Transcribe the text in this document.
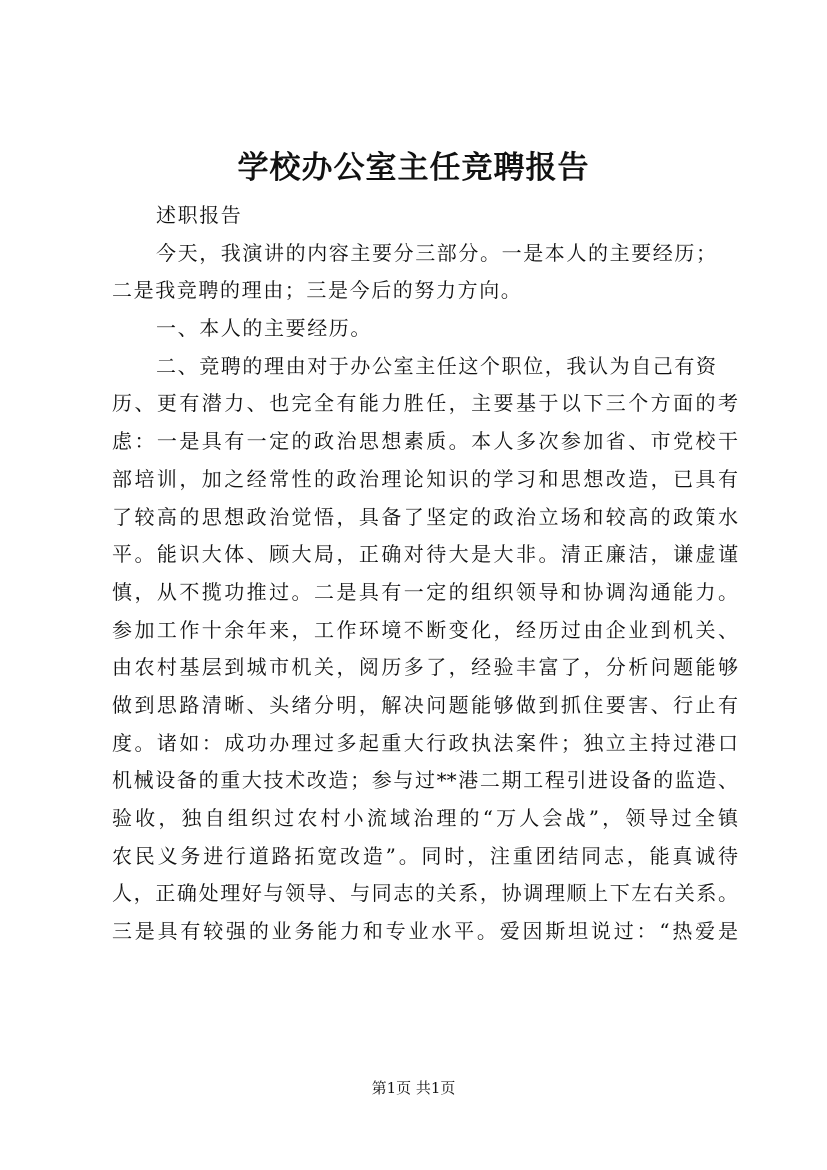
学校办公室主任竞聘报告
述职报告
今天，我演讲的内容主要分三部分。一是本人的主要经历；
二是我竞聘的理由；三是今后的努力方向。
一、本人的主要经历。
二、竞聘的理由对于办公室主任这个职位，我认为自己有资
历、更有潜力、也完全有能力胜任，主要基于以下三个方面的考
虑：一是具有一定的政治思想素质。本人多次参加省、市党校干
部培训，加之经常性的政治理论知识的学习和思想改造，已具有
了较高的思想政治觉悟，具备了坚定的政治立场和较高的政策水
平。能识大体、顾大局，正确对待大是大非。清正廉洁，谦虚谨
慎，从不揽功推过。二是具有一定的组织领导和协调沟通能力。
参加工作十余年来，工作环境不断变化，经历过由企业到机关、
由农村基层到城市机关，阅历多了，经验丰富了，分析问题能够
做到思路清晰、头绪分明，解决问题能够做到抓住要害、行止有
度。诸如：成功办理过多起重大行政执法案件；独立主持过港口
机械设备的重大技术改造；参与过**港二期工程引进设备的监造、
验收，独自组织过农村小流域治理的“万人会战”，领导过全镇
农民义务进行道路拓宽改造”。同时，注重团结同志，能真诚待
人，正确处理好与领导、与同志的关系，协调理顺上下左右关系。
三是具有较强的业务能力和专业水平。爱因斯坦说过：“热爱是
第1页 共1页
